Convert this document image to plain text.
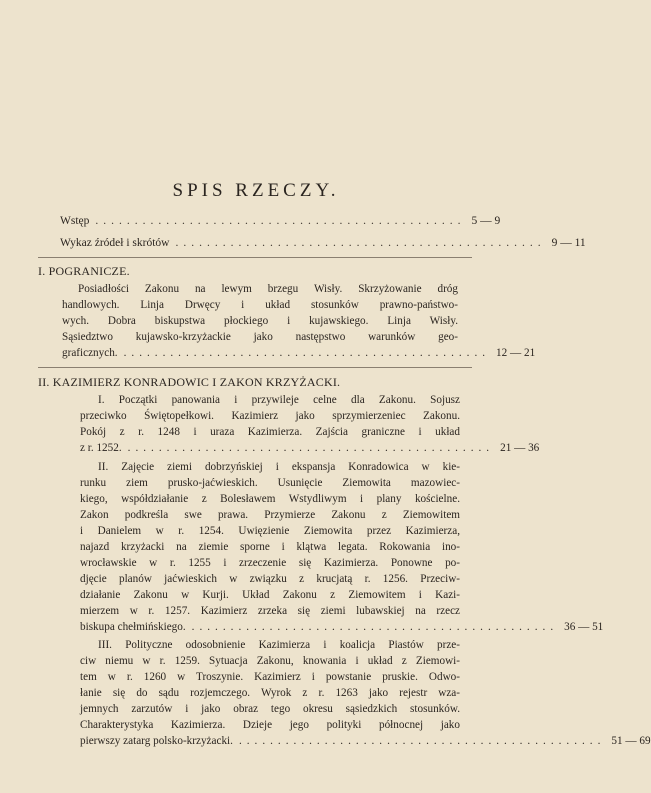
SPIS RZECZY.
Wstęp ............................................... 5 — 9
Wykaz źródeł i skrótów ............................................... 9 — 11
I. POGRANICZE.
Posiadłości Zakonu na lewym brzegu Wisły. Skrzyżowanie dróg
handlowych. Linja Drwęcy i układ stosunków prawno-państwo-
wych. Dobra biskupstwa płockiego i kujawskiego. Linja Wisły.
Sąsiedztwo kujawsko-krzyżackie jako następstwo warunków geo-
graficznych. ............................................... 12 — 21
II. KAZIMIERZ KONRADOWIC I ZAKON KRZYŻACKI.
I. Początki panowania i przywileje celne dla Zakonu. Sojusz
przeciwko Świętopełkowi. Kazimierz jako sprzymierzeniec Zakonu.
Pokój z r. 1248 i uraza Kazimierza. Zajścia graniczne i układ
z r. 1252. ............................................... 21 — 36
II. Zajęcie ziemi dobrzyńskiej i ekspansja Konradowica w kie-
runku ziem prusko-jaćwieskich. Usunięcie Ziemowita mazowiec-
kiego, współdziałanie z Bolesławem Wstydliwym i plany kościelne.
Zakon podkreśla swe prawa. Przymierze Zakonu z Ziemowitem
i Danielem w r. 1254. Uwięzienie Ziemowita przez Kazimierza,
najazd krzyżacki na ziemie sporne i klątwa legata. Rokowania ino-
wrocławskie w r. 1255 i zrzeczenie się Kazimierza. Ponowne po-
djęcie planów jaćwieskich w związku z krucjatą r. 1256. Przeciw-
działanie Zakonu w Kurji. Układ Zakonu z Ziemowitem i Kazi-
mierzem w r. 1257. Kazimierz zrzeka się ziemi lubawskiej na rzecz
biskupa chełmińskiego. ............................................... 36 — 51
III. Polityczne odosobnienie Kazimierza i koalicja Piastów prze-
ciw niemu w r. 1259. Sytuacja Zakonu, knowania i układ z Ziemowi-
tem w r. 1260 w Troszynie. Kazimierz i powstanie pruskie. Odwo-
łanie się do sądu rozjemczego. Wyrok z r. 1263 jako rejestr wza-
jemnych zarzutów i jako obraz tego okresu sąsiedzkich stosunków.
Charakterystyka Kazimierza. Dzieje jego polityki północnej jako
pierwszy zatarg polsko-krzyżacki. ............................................... 51 — 69
